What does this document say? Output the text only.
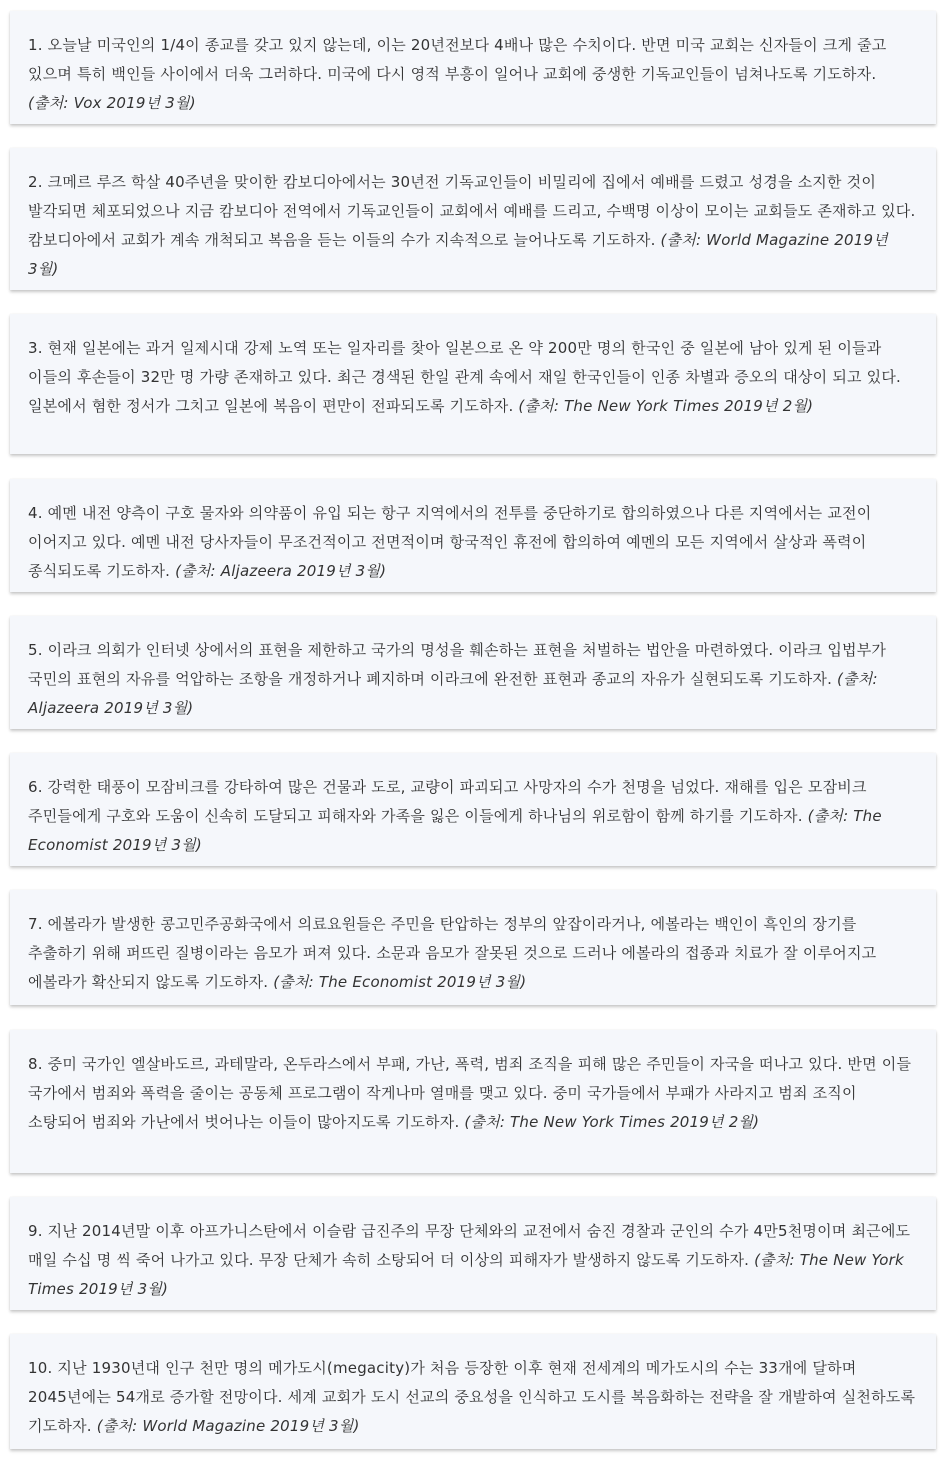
1. 오늘날 미국인의 1/4이 종교를 갖고 있지 않는데, 이는 20년전보다 4배나 많은 수치이다. 반면 미국 교회는 신자들이 크게 줄고 있으며 특히 백인들 사이에서 더욱 그러하다. 미국에 다시 영적 부흥이 일어나 교회에 중생한 기독교인들이 넘쳐나도록 기도하자. (출처: Vox 2019년 3월)

2. 크메르 루즈 학살 40주년을 맞이한 캄보디아에서는 30년전 기독교인들이 비밀리에 집에서 예배를 드렸고 성경을 소지한 것이 발각되면 체포되었으나 지금 캄보디아 전역에서 기독교인들이 교회에서 예배를 드리고, 수백명 이상이 모이는 교회들도 존재하고 있다. 캄보디아에서 교회가 계속 개척되고 복음을 듣는 이들의 수가 지속적으로 늘어나도록 기도하자. (출처: World Magazine 2019년 3월)

3. 현재 일본에는 과거 일제시대 강제 노역 또는 일자리를 찾아 일본으로 온 약 200만 명의 한국인 중 일본에 남아 있게 된 이들과 이들의 후손들이 32만 명 가량 존재하고 있다. 최근 경색된 한일 관계 속에서 재일 한국인들이 인종 차별과 증오의 대상이 되고 있다. 일본에서 혐한 정서가 그치고 일본에 복음이 편만이 전파되도록 기도하자. (출처: The New York Times 2019년 2월)

4. 예멘 내전 양측이 구호 물자와 의약품이 유입 되는 항구 지역에서의 전투를 중단하기로 합의하였으나 다른 지역에서는 교전이 이어지고 있다. 예멘 내전 당사자들이 무조건적이고 전면적이며 항국적인 휴전에 합의하여 예멘의 모든 지역에서 살상과 폭력이 종식되도록 기도하자. (출처: Aljazeera 2019년 3월)

5. 이라크 의회가 인터넷 상에서의 표현을 제한하고 국가의 명성을 훼손하는 표현을 처벌하는 법안을 마련하였다. 이라크 입법부가 국민의 표현의 자유를 억압하는 조항을 개정하거나 폐지하며 이라크에 완전한 표현과 종교의 자유가 실현되도록 기도하자. (출처: Aljazeera 2019년 3월)

6. 강력한 태풍이 모잠비크를 강타하여 많은 건물과 도로, 교량이 파괴되고 사망자의 수가 천명을 넘었다. 재해를 입은 모잠비크 주민들에게 구호와 도움이 신속히 도달되고 피해자와 가족을 잃은 이들에게 하나님의 위로함이 함께 하기를 기도하자. (출처: The Economist 2019년 3월)

7. 에볼라가 발생한 콩고민주공화국에서 의료요원들은 주민을 탄압하는 정부의 앞잡이라거나, 에볼라는 백인이 흑인의 장기를 추출하기 위해 퍼뜨린 질병이라는 음모가 퍼져 있다. 소문과 음모가 잘못된 것으로 드러나 에볼라의 접종과 치료가 잘 이루어지고 에볼라가 확산되지 않도록 기도하자. (출처: The Economist 2019년 3월)

8. 중미 국가인 엘살바도르, 과테말라, 온두라스에서 부패, 가난, 폭력, 범죄 조직을 피해 많은 주민들이 자국을 떠나고 있다. 반면 이들 국가에서 범죄와 폭력을 줄이는 공동체 프로그램이 작게나마 열매를 맺고 있다. 중미 국가들에서 부패가 사라지고 범죄 조직이 소탕되어 범죄와 가난에서 벗어나는 이들이 많아지도록 기도하자. (출처: The New York Times 2019년 2월)

9. 지난 2014년말 이후 아프가니스탄에서 이슬람 급진주의 무장 단체와의 교전에서 숨진 경찰과 군인의 수가 4만5천명이며 최근에도 매일 수십 명 씩 죽어 나가고 있다. 무장 단체가 속히 소탕되어 더 이상의 피해자가 발생하지 않도록 기도하자. (출처: The New York Times 2019년 3월)

10. 지난 1930년대 인구 천만 명의 메가도시(megacity)가 처음 등장한 이후 현재 전세계의 메가도시의 수는 33개에 달하며 2045년에는 54개로 증가할 전망이다. 세계 교회가 도시 선교의 중요성을 인식하고 도시를 복음화하는 전략을 잘 개발하여 실천하도록 기도하자. (출처: World Magazine 2019년 3월)
